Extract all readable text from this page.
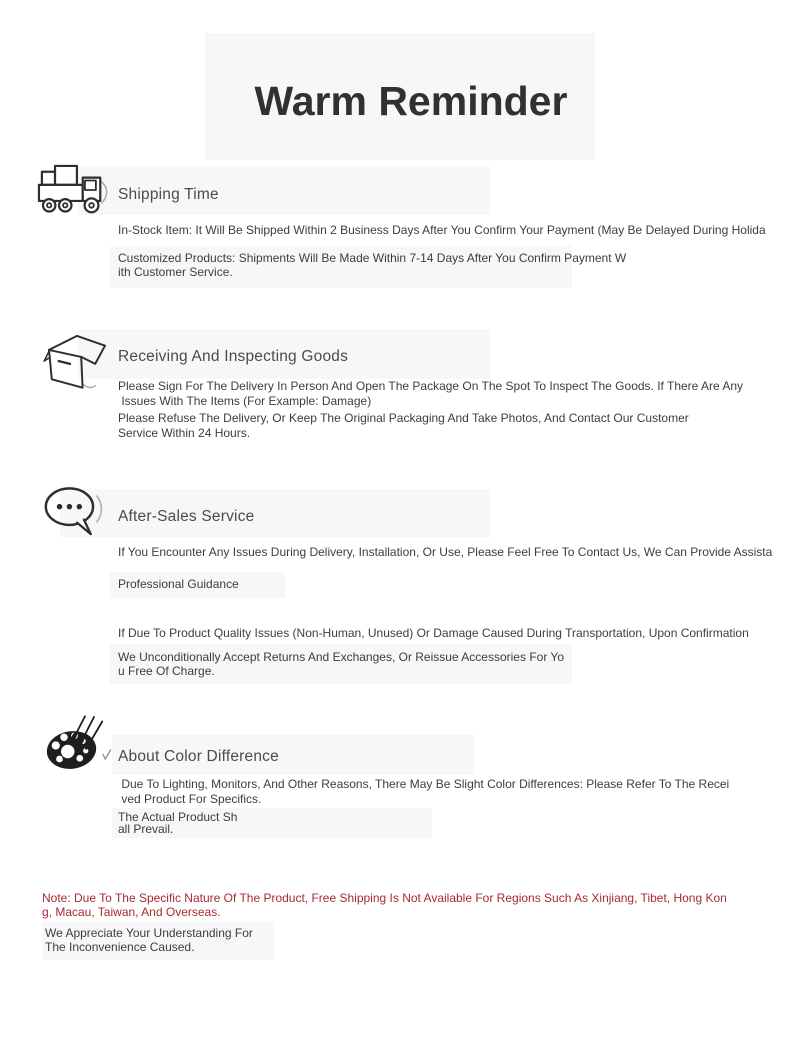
Warm Reminder
Shipping Time
In-Stock Item: It Will Be Shipped Within 2 Business Days After You Confirm Your Payment (May Be Delayed During Holida
Customized Products: Shipments Will Be Made Within 7-14 Days After You Confirm Payment W
ith Customer Service.
Receiving And Inspecting Goods
Please Sign For The Delivery In Person And Open The Package On The Spot To Inspect The Goods. If There Are Any
Issues With The Items (For Example: Damage)
Please Refuse The Delivery, Or Keep The Original Packaging And Take Photos, And Contact Our Customer
Service Within 24 Hours.
After-Sales Service
If You Encounter Any Issues During Delivery, Installation, Or Use, Please Feel Free To Contact Us, We Can Provide Assista
Professional Guidance
If Due To Product Quality Issues (Non-Human, Unused) Or Damage Caused During Transportation, Upon Confirmation
We Unconditionally Accept Returns And Exchanges, Or Reissue Accessories For Yo
u Free Of Charge.
About Color Difference
Due To Lighting, Monitors, And Other Reasons, There May Be Slight Color Differences: Please Refer To The Recei
ved Product For Specifics.
The Actual Product Sh
all Prevail.
Note: Due To The Specific Nature Of The Product, Free Shipping Is Not Available For Regions Such As Xinjiang, Tibet, Hong Kon
g, Macau, Taiwan, And Overseas.
We Appreciate Your Understanding For
The Inconvenience Caused.
